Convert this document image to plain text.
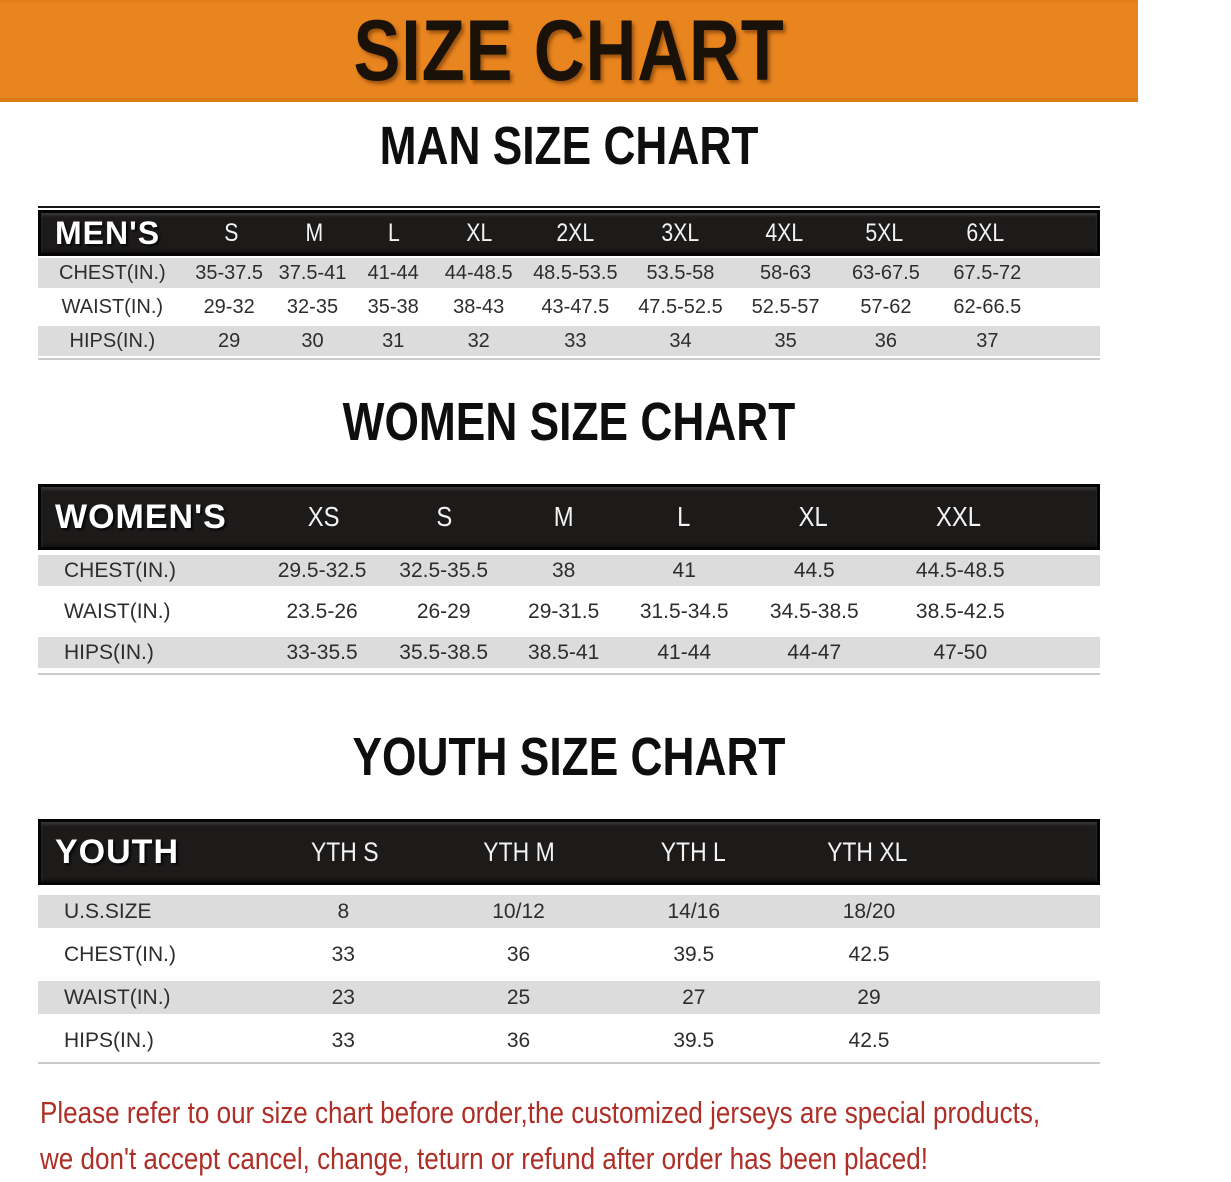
SIZE CHART
MAN SIZE CHART
MEN'S	S	M	L	XL	2XL	3XL	4XL	5XL	6XL
CHEST(IN.)	35-37.5 37.5-41	41-44	44-48.5	48.5-53.5	53.5-58	58-63	63-67.5	67.5-72
WAIST(IN.)	29-32	32-35	35-38	38-43	43-47.5	47.5-52.5	52.5-57	57-62	62-66.5
HIPS(IN.)	29	30	31	32	33	34	35	36	37
WOMEN SIZE CHART
WOMEN'S	XS	S	M	L	XL	XXL
CHEST(IN.)	29.5-32.5	32.5-35.5	38	41	44.5	44.5-48.5
WAIST(IN.)	23.5-26	26-29	29-31.5	31.5-34.5	34.5-38.5	38.5-42.5
HIPS(IN.)	33-35.5	35.5-38.5	38.5-41	41-44	44-47	47-50
YOUTH SIZE CHART
YOUTH	YTH S	YTH M	YTH L	YTH XL
U.S.SIZE	8	10/12	14/16	18/20
CHEST(IN.)	33	36	39.5	42.5
WAIST(IN.)	23	25	27	29
HIPS(IN.)	33	36	39.5	42.5
Please refer to our size chart before order,the customized jerseys are special products,
we don't accept cancel, change, teturn or refund after order has been placed!
